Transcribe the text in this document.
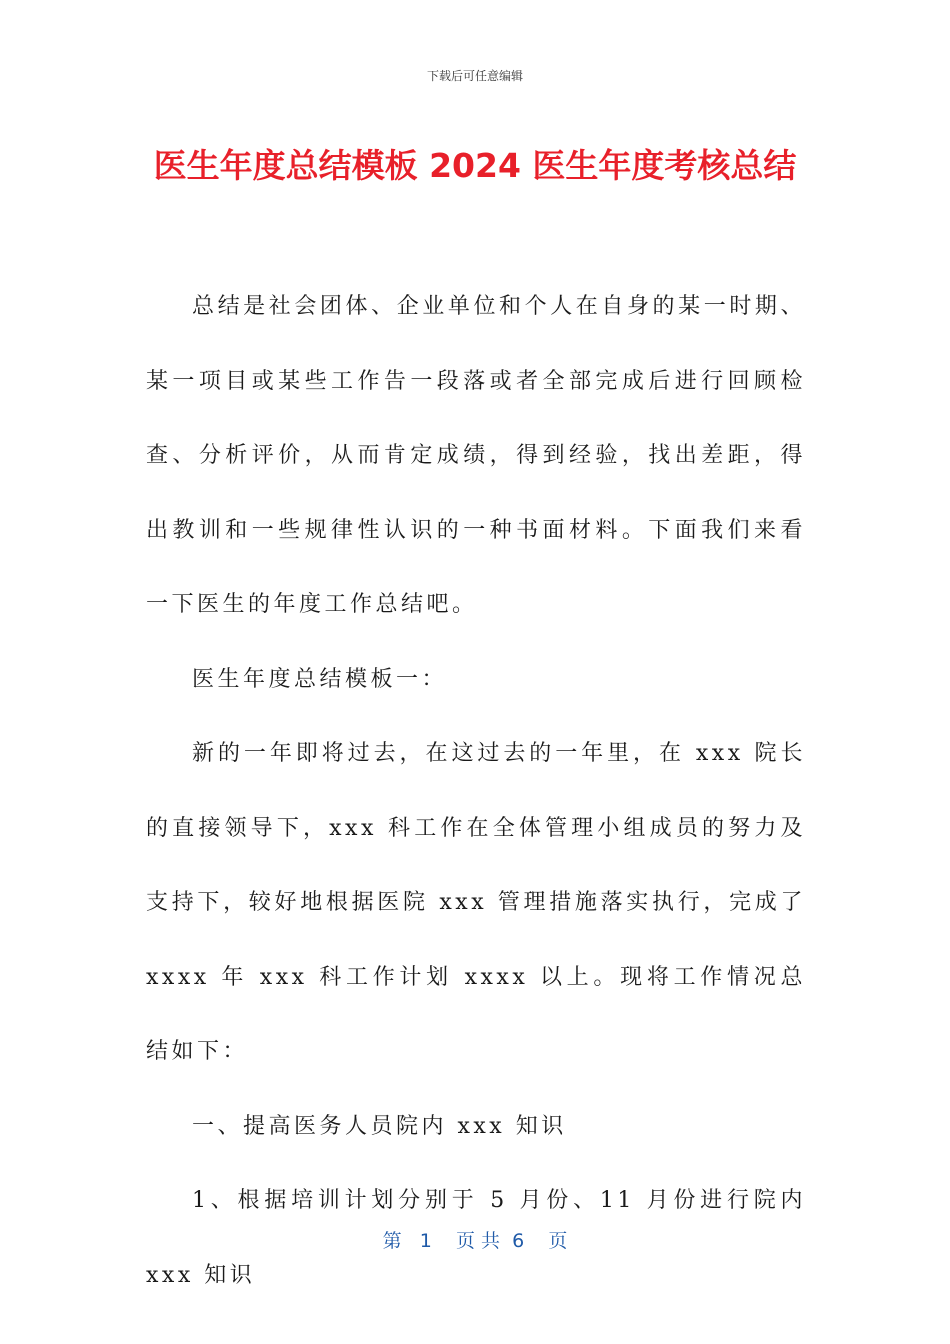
下载后可任意编辑
医生年度总结模板 2024 医生年度考核总结

总结是社会团体、企业单位和个人在自身的某一时期、某一项目或某些工作告一段落或者全部完成后进行回顾检查、分析评价，从而肯定成绩，得到经验，找出差距，得出教训和一些规律性认识的一种书面材料。下面我们来看一下医生的年度工作总结吧。

医生年度总结模板一：

新的一年即将过去，在这过去的一年里，在 xxx 院长的直接领导下，xxx 科工作在全体管理小组成员的努力及支持下，较好地根据医院 xxx 管理措施落实执行，完成了 xxxx 年 xxx 科工作计划 xxxx 以上。现将工作情况总结如下：

一、提高医务人员院内 xxx 知识

1、根据培训计划分别于 5 月份、11 月份进行院内 xxx 知识

第   1    页 共  6    页
